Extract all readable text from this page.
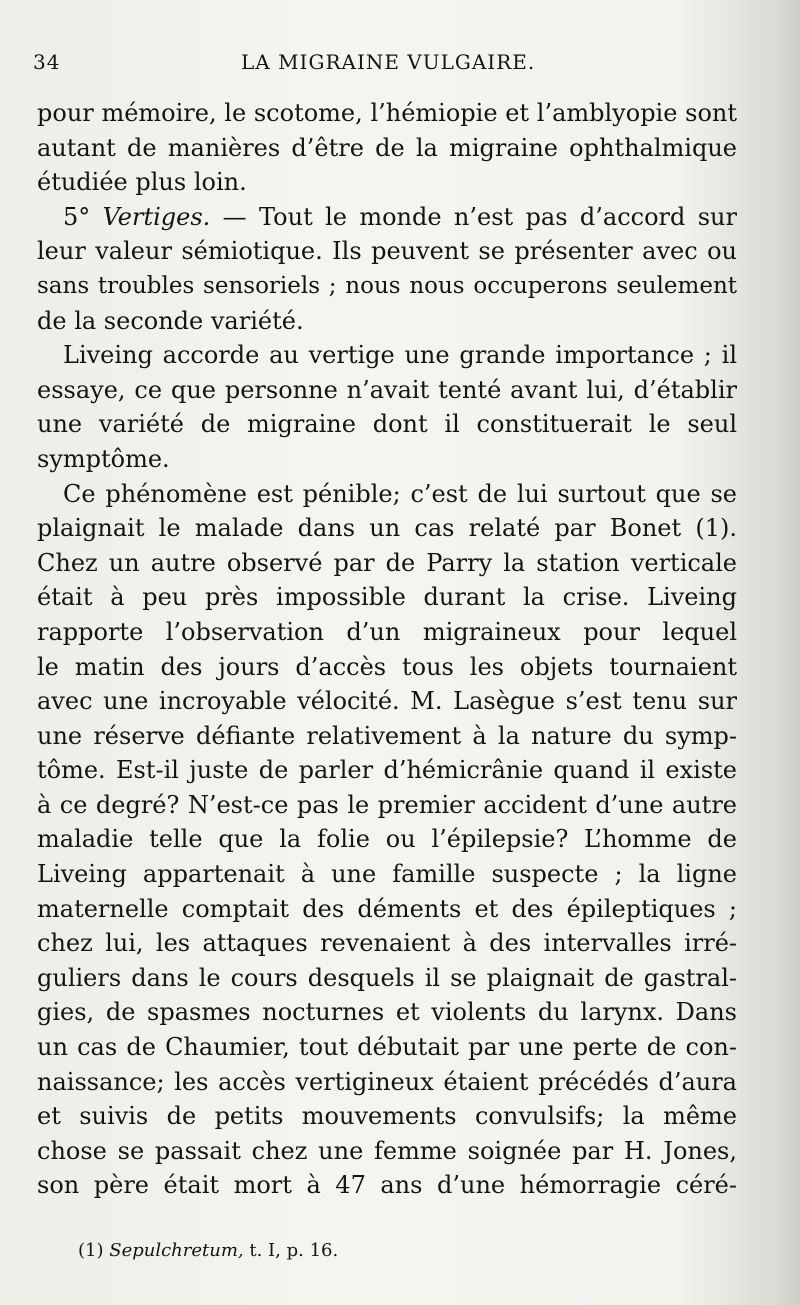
34	LA MIGRAINE VULGAIRE.
pour mémoire, le scotome, l’hémiopie et l’amblyopie sont
autant de manières d’être de la migraine ophthalmique
étudiée plus loin.
5° Vertiges. — Tout le monde n’est pas d’accord sur
leur valeur sémiotique. Ils peuvent se présenter avec ou
sans troubles sensoriels ; nous nous occuperons seulement
de la seconde variété.
Liveing accorde au vertige une grande importance ; il
essaye, ce que personne n’avait tenté avant lui, d’établir
une variété de migraine dont il constituerait le seul
symptôme.
Ce phénomène est pénible; c’est de lui surtout que se
plaignait le malade dans un cas relaté par Bonet (1).
Chez un autre observé par de Parry la station verticale
était à peu près impossible durant la crise. Liveing
rapporte l’observation d’un migraineux pour lequel
le matin des jours d’accès tous les objets tournaient
avec une incroyable vélocité. M. Lasègue s’est tenu sur
une réserve défiante relativement à la nature du symp-
tôme. Est-il juste de parler d’hémicrânie quand il existe
à ce degré? N’est-ce pas le premier accident d’une autre
maladie telle que la folie ou l’épilepsie? L’homme de
Liveing appartenait à une famille suspecte ; la ligne
maternelle comptait des déments et des épileptiques ;
chez lui, les attaques revenaient à des intervalles irré-
guliers dans le cours desquels il se plaignait de gastral-
gies, de spasmes nocturnes et violents du larynx. Dans
un cas de Chaumier, tout débutait par une perte de con-
naissance; les accès vertigineux étaient précédés d’aura
et suivis de petits mouvements convulsifs; la même
chose se passait chez une femme soignée par H. Jones,
son père était mort à 47 ans d’une hémorragie céré-
(1) Sepulchretum, t. I, p. 16.
